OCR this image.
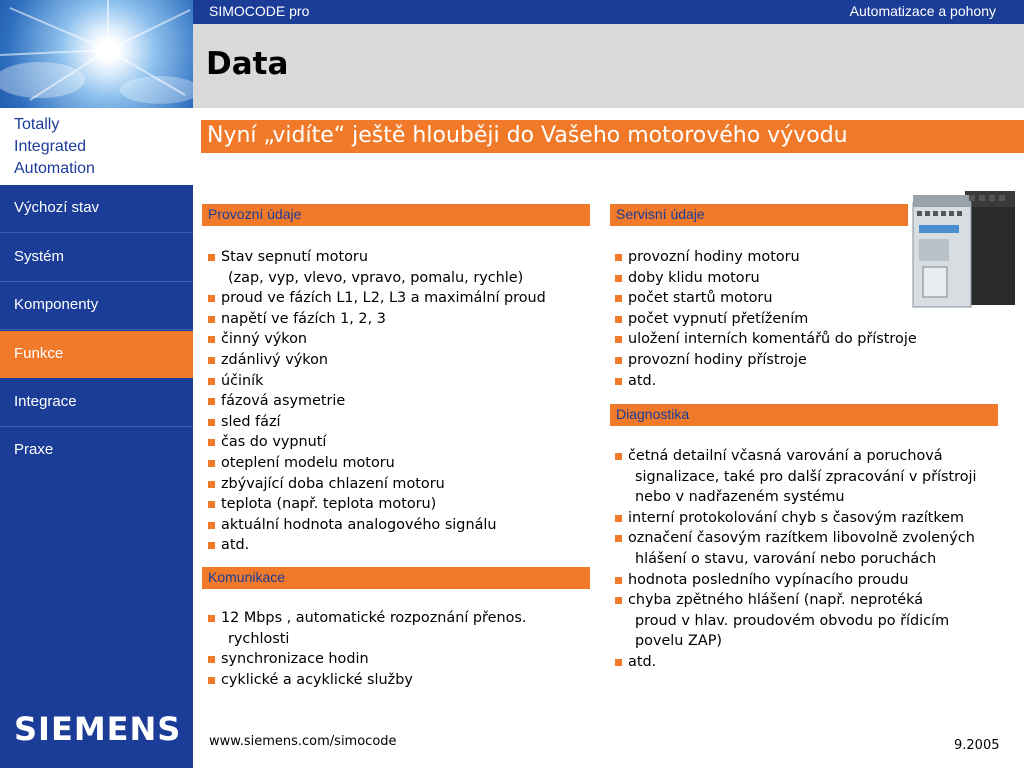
Totally
Integrated
Automation
Výchozí stav
Systém
Komponenty
Funkce
Integrace
Praxe
SIEMENS
SIMOCODE pro	Automatizace a pohony
Data
Nyní „vidíte“ ještě hlouběji do Vašeho motorového vývodu
Provozní údaje
Stav sepnutí motoru
(zap, vyp, vlevo, vpravo, pomalu, rychle)
proud ve fázích L1, L2, L3 a maximální proud
napětí ve fázích 1, 2, 3
činný výkon
zdánlivý výkon
účiník
fázová asymetrie
sled fází
čas do vypnutí
oteplení modelu motoru
zbývající doba chlazení motoru
teplota (např. teplota motoru)
aktuální hodnota analogového signálu
atd.
Komunikace
12 Mbps , automatické rozpoznání přenos.
rychlosti
synchronizace hodin
cyklické a acyklické služby
Servisní údaje
provozní hodiny motoru
doby klidu motoru
počet startů motoru
počet vypnutí přetížením
uložení interních komentářů do přístroje
provozní hodiny přístroje
atd.
Diagnostika
četná detailní včasná varování a poruchová
signalizace, také pro další zpracování v přístroji
nebo v nadřazeném systému
interní protokolování chyb s časovým razítkem
označení časovým razítkem libovolně zvolených
hlášení o stavu, varování nebo poruchách
hodnota posledního vypínacího proudu
chyba zpětného hlášení (např. neprotéká
proud v hlav. proudovém obvodu po řídicím
povelu ZAP)
atd.
www.siemens.com/simocode	9.2005
